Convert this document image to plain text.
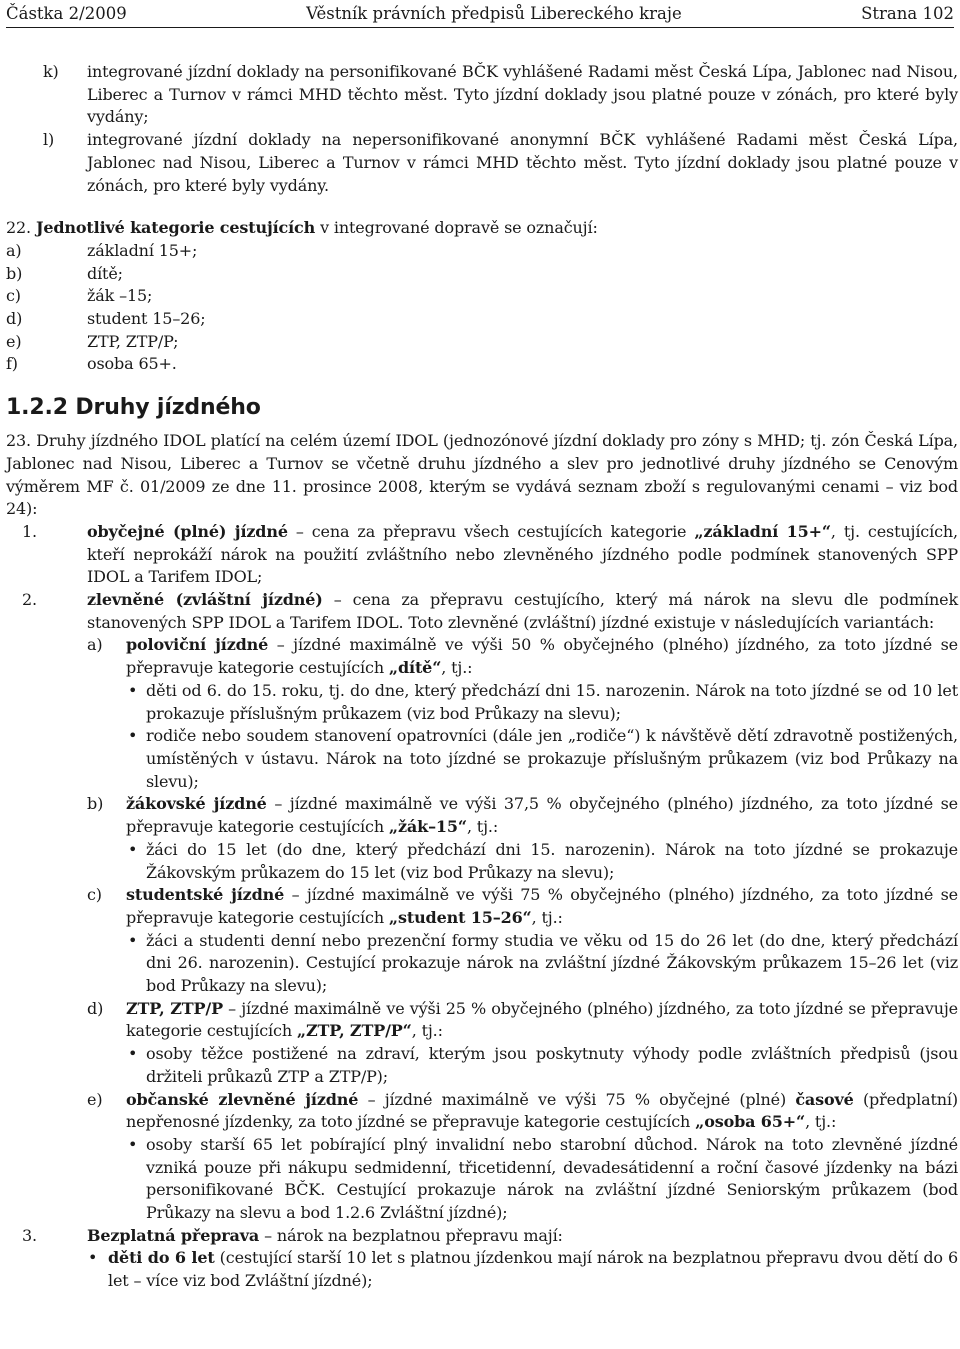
Částka 2/2009	Věstník právních předpisů Libereckého kraje	Strana 102
k)	integrované jízdní doklady na personifikované BČK vyhlášené Radami měst Česká Lípa, Jablonec nad Nisou, Liberec a Turnov v rámci MHD těchto měst. Tyto jízdní doklady jsou platné pouze v zónách, pro které byly vydány;
l)	integrované jízdní doklady na nepersonifikované anonymní BČK vyhlášené Radami měst Česká Lípa, Jablonec nad Nisou, Liberec a Turnov v rámci MHD těchto měst. Tyto jízdní doklady jsou platné pouze v zónách, pro které byly vydány.
22. Jednotlivé kategorie cestujících v integrované dopravě se označují:
a)	základní 15+;
b)	dítě;
c)	žák –15;
d)	student 15–26;
e)	ZTP, ZTP/P;
f)	osoba 65+.
1.2.2 Druhy jízdného
23. Druhy jízdného IDOL platící na celém území IDOL (jednozónové jízdní doklady pro zóny s MHD; tj. zón Česká Lípa, Jablonec nad Nisou, Liberec a Turnov se včetně druhu jízdného a slev pro jednotlivé druhy jízdného se Cenovým výměrem MF č. 01/2009 ze dne 11. prosince 2008, kterým se vydává seznam zboží s regulovanými cenami – viz bod 24):
1.	obyčejné (plné) jízdné – cena za přepravu všech cestujících kategorie „základní 15+“, tj. cestujících, kteří neprokáží nárok na použití zvláštního nebo zlevněného jízdného podle podmínek stanovených SPP IDOL a Tarifem IDOL;
2.	zlevněné (zvláštní jízdné) – cena za přepravu cestujícího, který má nárok na slevu dle podmínek stanovených SPP IDOL a Tarifem IDOL. Toto zlevněné (zvláštní) jízdné existuje v následujících variantách:
a)	poloviční jízdné – jízdné maximálně ve výši 50 % obyčejného (plného) jízdného, za toto jízdné se přepravuje kategorie cestujících „dítě“, tj.:
• děti od 6. do 15. roku, tj. do dne, který předchází dni 15. narozenin. Nárok na toto jízdné se od 10 let prokazuje příslušným průkazem (viz bod Průkazy na slevu);
• rodiče nebo soudem stanovení opatrovníci (dále jen „rodiče“) k návštěvě dětí zdravotně postižených, umístěných v ústavu. Nárok na toto jízdné se prokazuje příslušným průkazem (viz bod Průkazy na slevu);
b)	žákovské jízdné – jízdné maximálně ve výši 37,5 % obyčejného (plného) jízdného, za toto jízdné se přepravuje kategorie cestujících „žák–15“, tj.:
• žáci do 15 let (do dne, který předchází dni 15. narozenin). Nárok na toto jízdné se prokazuje Žákovským průkazem do 15 let (viz bod Průkazy na slevu);
c)	studentské jízdné – jízdné maximálně ve výši 75 % obyčejného (plného) jízdného, za toto jízdné se přepravuje kategorie cestujících „student 15–26“, tj.:
• žáci a studenti denní nebo prezenční formy studia ve věku od 15 do 26 let (do dne, který předchází dni 26. narozenin). Cestující prokazuje nárok na zvláštní jízdné Žákovským průkazem 15–26 let (viz bod Průkazy na slevu);
d)	ZTP, ZTP/P – jízdné maximálně ve výši 25 % obyčejného (plného) jízdného, za toto jízdné se přepravuje kategorie cestujících „ZTP, ZTP/P“, tj.:
• osoby těžce postižené na zdraví, kterým jsou poskytnuty výhody podle zvláštních předpisů (jsou držiteli průkazů ZTP a ZTP/P);
e)	občanské zlevněné jízdné – jízdné maximálně ve výši 75 % obyčejné (plné) časové (předplatní) nepřenosné jízdenky, za toto jízdné se přepravuje kategorie cestujících „osoba 65+“, tj.:
• osoby starší 65 let pobírající plný invalidní nebo starobní důchod. Nárok na toto zlevněné jízdné vzniká pouze při nákupu sedmidenní, třicetidenní, devadesátidenní a roční časové jízdenky na bázi personifikované BČK. Cestující prokazuje nárok na zvláštní jízdné Seniorským průkazem (bod Průkazy na slevu a bod 1.2.6 Zvláštní jízdné);
3.	Bezplatná přeprava – nárok na bezplatnou přepravu mají:
• děti do 6 let (cestující starší 10 let s platnou jízdenkou mají nárok na bezplatnou přepravu dvou dětí do 6 let – více viz bod Zvláštní jízdné);
